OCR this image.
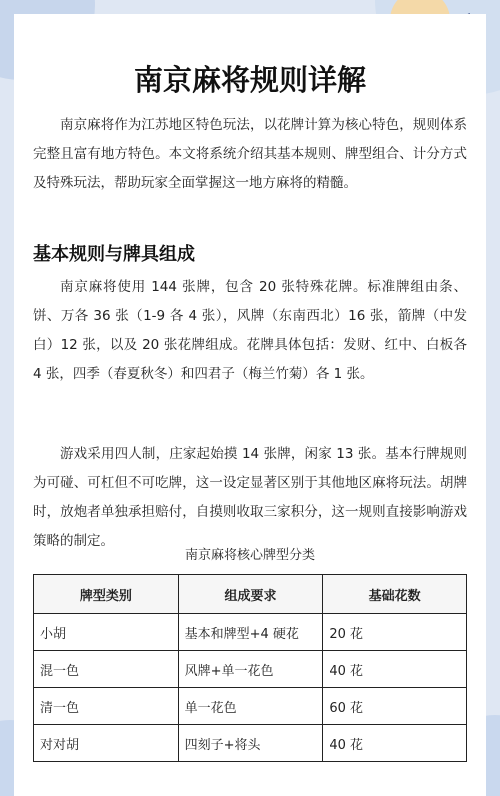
南京麻将规则详解

南京麻将作为江苏地区特色玩法，以花牌计算为核心特色，规则体系完整且富有地方特色。本文将系统介绍其基本规则、牌型组合、计分方式及特殊玩法，帮助玩家全面掌握这一地方麻将的精髓。

基本规则与牌具组成

南京麻将使用 144 张牌，包含 20 张特殊花牌。标准牌组由条、饼、万各 36 张（1-9 各 4 张），风牌（东南西北）16 张，箭牌（中发白）12 张，以及 20 张花牌组成。花牌具体包括：发财、红中、白板各 4 张，四季（春夏秋冬）和四君子（梅兰竹菊）各 1 张。

游戏采用四人制，庄家起始摸 14 张牌，闲家 13 张。基本行牌规则为可碰、可杠但不可吃牌，这一设定显著区别于其他地区麻将玩法。胡牌时，放炮者单独承担赔付，自摸则收取三家积分，这一规则直接影响游戏策略的制定。

南京麻将核心牌型分类

牌型类别	组成要求	基础花数
小胡	基本和牌型+4 硬花	20 花
混一色	风牌+单一花色	40 花
清一色	单一花色	60 花
对对胡	四刻子+将头	40 花
